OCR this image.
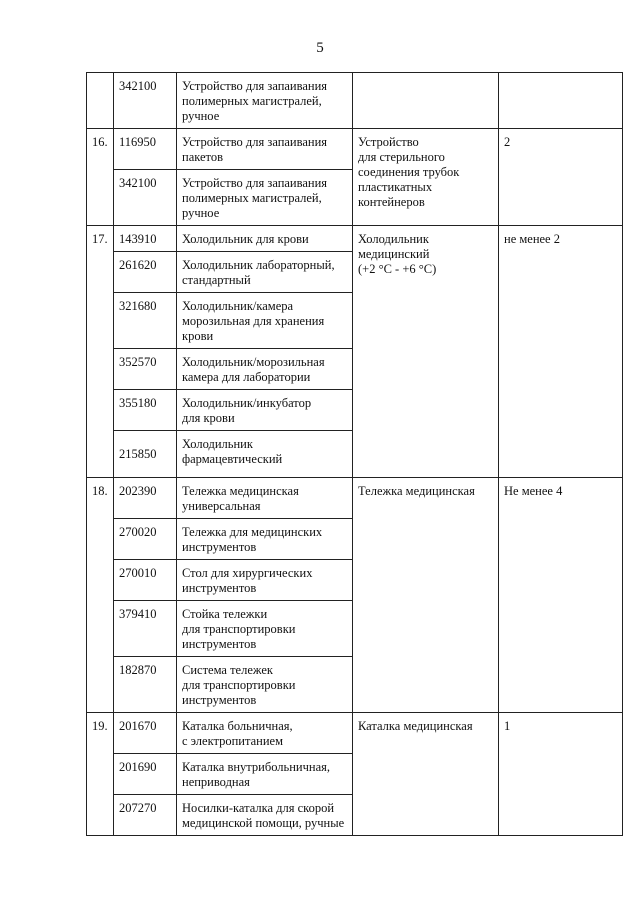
5
	342100	Устройство для запаивания
полимерных магистралей,
ручное		
16.	116950	Устройство для запаивания
пакетов	Устройство
для стерильного
соединения трубок
пластикатных
контейнеров	2
	342100	Устройство для запаивания
полимерных магистралей,
ручное		
17.	143910	Холодильник для крови	Холодильник
медицинский
(+2 °C - +6 °C)	не менее 2
	261620	Холодильник лабораторный,
стандартный		
	321680	Холодильник/камера
морозильная для хранения
крови		
	352570	Холодильник/морозильная
камера для лаборатории		
	355180	Холодильник/инкубатор
для крови		
	215850	Холодильник
фармацевтический		
18.	202390	Тележка медицинская
универсальная	Тележка медицинская	Не менее 4
	270020	Тележка для медицинских
инструментов		
	270010	Стол для хирургических
инструментов		
	379410	Стойка тележки
для транспортировки
инструментов		
	182870	Система тележек
для транспортировки
инструментов		
19.	201670	Каталка больничная,
с электропитанием	Каталка медицинская	1
	201690	Каталка внутрибольничная,
неприводная		
	207270	Носилки-каталка для скорой
медицинской помощи, ручные		
